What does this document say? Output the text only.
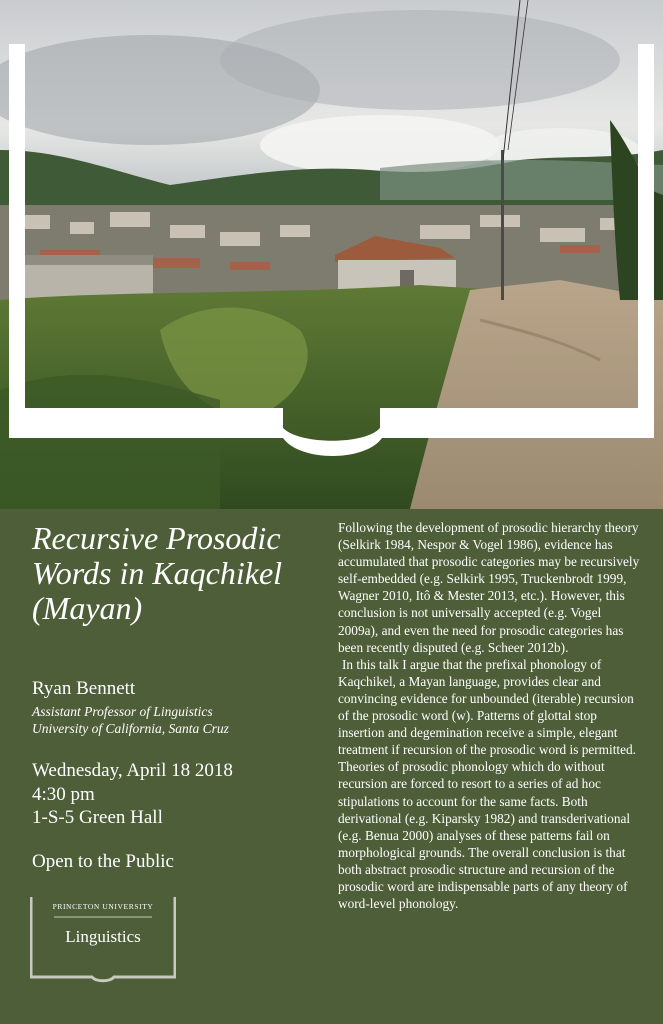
Recursive Prosodic Words in Kaqchikel (Mayan)
Ryan Bennett
Assistant Professor of Linguistics
University of California, Santa Cruz
Wednesday, April 18 2018
4:30 pm
1-S-5 Green Hall
Open to the Public
PRINCETON UNIVERSITY
Linguistics

Following the development of prosodic hierarchy theory (Selkirk 1984, Nespor & Vogel 1986), evidence has accumulated that prosodic categories may be recursively self-embedded (e.g. Selkirk 1995, Truckenbrodt 1999, Wagner 2010, Itô & Mester 2013, etc.). However, this conclusion is not universally accepted (e.g. Vogel 2009a), and even the need for prosodic categories has been recently disputed (e.g. Scheer 2012b).

In this talk I argue that the prefixal phonology of Kaqchikel, a Mayan language, provides clear and convincing evidence for unbounded (iterable) recursion of the prosodic word (w). Patterns of glottal stop insertion and degemination receive a simple, elegant treatment if recursion of the prosodic word is permitted. Theories of prosodic phonology which do without recursion are forced to resort to a series of ad hoc stipulations to account for the same facts. Both derivational (e.g. Kiparsky 1982) and transderivational (e.g. Benua 2000) analyses of these patterns fail on morphological grounds. The overall conclusion is that both abstract prosodic structure and recursion of the prosodic word are indispensable parts of any theory of word-level phonology.
